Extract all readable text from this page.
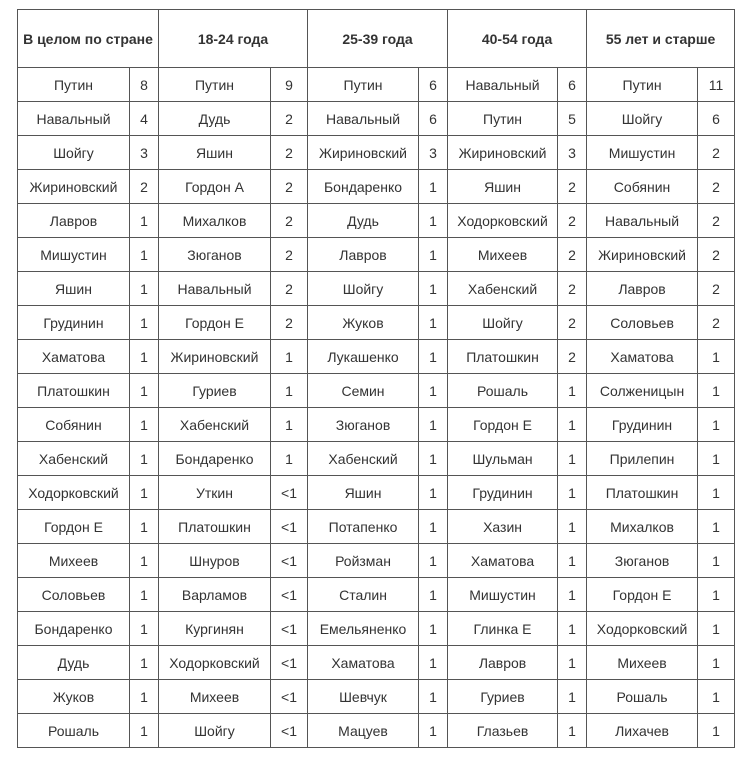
В целом по стране		18-24 года		25-39 года		40-54 года		55 лет и старше	
Путин	8	Путин	9	Путин	6	Навальный	6	Путин	11
Навальный	4	Дудь	2	Навальный	6	Путин	5	Шойгу	6
Шойгу	3	Яшин	2	Жириновский	3	Жириновский	3	Мишустин	2
Жириновский	2	Гордон А	2	Бондаренко	1	Яшин	2	Собянин	2
Лавров	1	Михалков	2	Дудь	1	Ходорковский	2	Навальный	2
Мишустин	1	Зюганов	2	Лавров	1	Михеев	2	Жириновский	2
Яшин	1	Навальный	2	Шойгу	1	Хабенский	2	Лавров	2
Грудинин	1	Гордон Е	2	Жуков	1	Шойгу	2	Соловьев	2
Хаматова	1	Жириновский	1	Лукашенко	1	Платошкин	2	Хаматова	1
Платошкин	1	Гуриев	1	Семин	1	Рошаль	1	Солженицын	1
Собянин	1	Хабенский	1	Зюганов	1	Гордон Е	1	Грудинин	1
Хабенский	1	Бондаренко	1	Хабенский	1	Шульман	1	Прилепин	1
Ходорковский	1	Уткин	<1	Яшин	1	Грудинин	1	Платошкин	1
Гордон Е	1	Платошкин	<1	Потапенко	1	Хазин	1	Михалков	1
Михеев	1	Шнуров	<1	Ройзман	1	Хаматова	1	Зюганов	1
Соловьев	1	Варламов	<1	Сталин	1	Мишустин	1	Гордон Е	1
Бондаренко	1	Кургинян	<1	Емельяненко	1	Глинка Е	1	Ходорковский	1
Дудь	1	Ходорковский	<1	Хаматова	1	Лавров	1	Михеев	1
Жуков	1	Михеев	<1	Шевчук	1	Гуриев	1	Рошаль	1
Рошаль	1	Шойгу	<1	Мацуев	1	Глазьев	1	Лихачев	1
